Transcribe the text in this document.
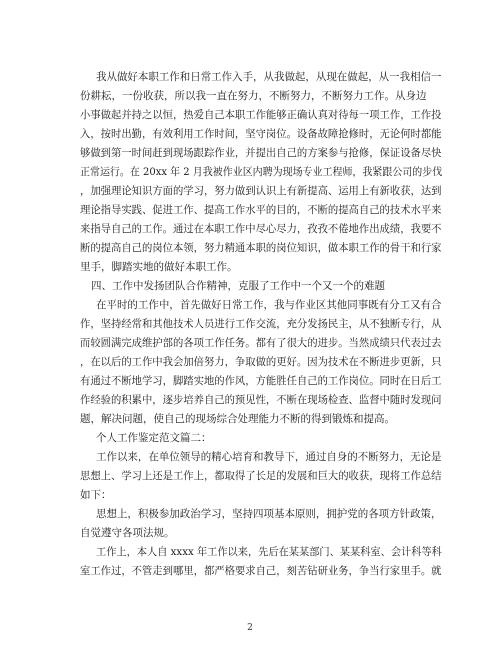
我从做好本职工作和日常工作入手，从我做起，从现在做起，从一我相信一
份耕耘，一份收获，所以我一直在努力，不断努力，不断努力工作。从身边
小事做起并持之以恒，热爱自己本职工作能够正确认真对待每一项工作，工作投
入，按时出勤，有效利用工作时间，坚守岗位。设备故障抢修时，无论何时都能
够做到第一时间赶到现场跟踪作业，并提出自己的方案参与抢修，保证设备尽快
正常运行。在 20xx 年 2 月我被作业区内聘为现场专业工程师，我紧跟公司的步伐
，加强理论知识方面的学习，努力做到认识上有新提高、运用上有新收获，达到
理论指导实践、促进工作、提高工作水平的目的，不断的提高自己的技术水平来
来指导自己的工作。通过在本职工作中尽心尽力，孜孜不倦地作出成绩，我要不
断的提高自己的岗位本领，努力精通本职的岗位知识，做本职工作的骨干和行家
里手，脚踏实地的做好本职工作。
四、工作中发扬团队合作精神，克服了工作中一个又一个的难题
在平时的工作中，首先做好日常工作，我与作业区其他同事既有分工又有合
作，坚持经常和其他技术人员进行工作交流，充分发扬民主，从不独断专行，从
而较圆满完成维护部的各项工作任务。都有了很大的进步。当然成绩只代表过去
，在以后的工作中我会加倍努力，争取做的更好。因为技术在不断进步更新，只
有通过不断地学习，脚踏实地的作风，方能胜任自己的工作岗位。同时在日后工
作经验的积累中，逐步培养自己的预见性，不断在现场检查、监督中随时发现问
题，解决问题，使自己的现场综合处理能力不断的得到锻炼和提高。
个人工作鉴定范文篇二：
工作以来，在单位领导的精心培育和教导下，通过自身的不断努力，无论是
思想上、学习上还是工作上，都取得了长足的发展和巨大的收获，现将工作总结
如下：
思想上，积极参加政治学习，坚持四项基本原则，拥护党的各项方针政策，
自觉遵守各项法规。
工作上，本人自 xxxx 年工作以来，先后在某某部门、某某科室、会计科等科
室工作过，不管走到哪里，都严格要求自己，刻苦钻研业务，争当行家里手。就
2
